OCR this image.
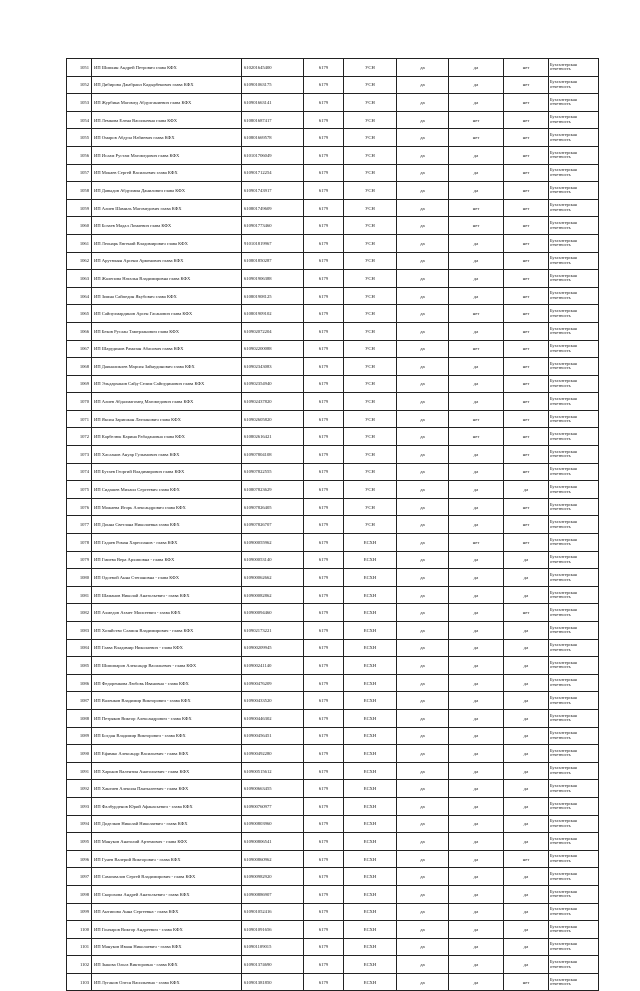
1051	ИП Шипкин Андрей Петрович глава КФХ	610201645400	6179	УСН	да	да	нет	Бухгалтерская отчетность
1052	ИП Дибирова Джабраил Кадырбекович глава КФХ	610901063175	6179	УСН	да	да	нет	Бухгалтерская отчетность
1053	ИП Журбина Магомед Абдулганиевич глава КФХ	610901663141	6179	УСН	да	да	нет	Бухгалтерская отчетность
1054	ИП Лемкова Елена Васильевна глава КФХ	610801687417	6179	УСН	да	нет	нет	Бухгалтерская отчетность
1055	ИП Омаров Абдула Набиевич глава КФХ	610801669578	6179	УСН	да	нет	нет	Бухгалтерская отчетность
1056	ИП Ислам Рустам Магомедович глава КФХ	610101706049	6179	УСН	да	да	нет	Бухгалтерская отчетность
1057	ИП Мокаев Сергей Васильевич глава КФХ	610901712254	6179	УСН	да	да	нет	Бухгалтерская отчетность
1058	ИП Давыдов Абдулмин Данилович глава КФХ	610901743917	6179	УСН	да	да	нет	Бухгалтерская отчетность
1059	ИП Алиев Шамиль Магомедович глава КФХ	610801749609	6179	УСН	да	нет	нет	Бухгалтерская отчетность
1060	ИП Бозаев Мадал Ломаевич глава КФХ	610901773460	6179	УСН	да	нет	нет	Бухгалтерская отчетность
1061	ИП Леонарь Евгений Владимирович глава КФХ	910101819967	6179	УСН	да	да	нет	Бухгалтерская отчетность
1062	ИП Арутюнян Арсени Арменович глава КФХ	610801850287	6179	УСН	да	да	нет	Бухгалтерская отчетность
1063	ИП Жалепова Наталья Владимировна глава КФХ	610901906388	6179	УСН	да	да	нет	Бухгалтерская отчетность
1064	ИП Зимна Сайпедин Якубович глава КФХ	610801908125	6179	УСН	да	да	нет	Бухгалтерская отчетность
1065	ИП Сайпулмардинов Арсен Гасанович глава КФХ	610801909102	6179	УСН	да	нет	нет	Бухгалтерская отчетность
1066	ИП Беков Руслан Тамерланович глава КФХ	610902072204	6179	УСН	да	да	нет	Бухгалтерская отчетность
1067	ИП Шарудинов Рамазан Абасович глава КФХ	610902200088	6179	УСН	да	нет	нет	Бухгалтерская отчетность
1068	ИП Даиналиклев Марсия Зайнудинович глава КФХ	610902343083	6179	УСН	да	да	нет	Бухгалтерская отчетность
1069	ИП Эльдарханов Сайд-Селим Сайпудинович глава КФХ	610902354940	6179	УСН	да	да	нет	Бухгалтерская отчетность
1070	ИП Алиев Абдалмагомед Магомедович глава КФХ	610902437820	6179	УСН	да	да	нет	Бухгалтерская отчетность
1071	ИП Яксин Зарипжан Латпанович глава КФХ	610902605820	6179	УСН	да	нет	нет	Бухгалтерская отчетность
1072	ИП Карбелюк Карина Рабадановна глава КФХ	610802616421	6179	УСН	да	нет	нет	Бухгалтерская отчетность
1073	ИП Хасланов Ануар Гулымович глава КФХ	610907804108	6179	УСН	да	да	нет	Бухгалтерская отчетность
1074	ИП Бутаев Георгий Владимирович глава КФХ	610907822555	6179	УСН	да	да	нет	Бухгалтерская отчетность
1075	ИП Сидашев Михаил Сергеевич глава КФХ	610807823629	6179	УСН	да	да	да	Бухгалтерская отчетность
1076	ИП Можаева Игорь Александрович глава КФХ	610907826405	6179	УСН	да	да	нет	Бухгалтерская отчетность
1077	ИП Донна Светлана Николаевна глава КФХ	610907826707	6179	УСН	да	да	нет	Бухгалтерская отчетность
1078	ИП Гадаев Роман Хареспанов - глава КФХ	610900055962	6179	ЕСХН	да	нет	нет	Бухгалтерская отчетность
1079	ИП Гмиева Вера Архиповна - глава КФХ	610900053140	6179	ЕСХН	да	да	да	Бухгалтерская отчетность
1080	ИП Одоевой Анна Степановна - глава КФХ	610900062662	6179	ЕСХН	да	да	да	Бухгалтерская отчетность
1081	ИП Шаманов Николай Анатольевич - глава КФХ	610900082862	6179	ЕСХН	да	да	да	Бухгалтерская отчетность
1082	ИП Ахмедов Ахмет Моисеевич - глава КФХ	610900094460	6179	ЕСХН	да	да	нет	Бухгалтерская отчетность
1083	ИП Хозяйство Сламон Владимирович - глава КФХ	610902173221	6179	ЕСХН	да	да	да	Бухгалтерская отчетность
1084	ИП Глава Владимир Николаевич - глава КФХ	610900209945	6179	ЕСХН	да	да	да	Бухгалтерская отчетность
1085	ИП Шипипаров Александр Васильевич - глава КФХ	610900241140	6179	ЕСХН	да	да	да	Бухгалтерская отчетность
1086	ИП Федоренкова Любовь Ивановна - глава КФХ	610900476209	6179	ЕСХН	да	да	да	Бухгалтерская отчетность
1087	ИП Валенков Владимир Викторович - глава КФХ	610900433520	6179	ЕСХН	да	да	да	Бухгалтерская отчетность
1088	ИП Петряков Виктор Александрович - глава КФХ	610900446302	6179	ЕСХН	да	да	да	Бухгалтерская отчетность
1089	ИП Богдан Владимир Викторович - глава КФХ	610900456451	6179	ЕСХН	да	да	да	Бухгалтерская отчетность
1090	ИП Ефимко Александр Васильевич - глава КФХ	610900492280	6179	ЕСХН	да	да	да	Бухгалтерская отчетность
1091	ИП Харьков Валентин Анатольевич - глава КФХ	610900515612	6179	ЕСХН	да	да	да	Бухгалтерская отчетность
1092	ИП Хангиев Алексин Пантылеевич - глава КФХ	610900663455	6179	ЕСХН	да	да	да	Бухгалтерская отчетность
1093	ИП Фалбурденов Юрий Афанасьевич - глава КФХ	610900760977	6179	ЕСХН	да	да	да	Бухгалтерская отчетность
1094	ИП Доделков Николай Николаевич - глава КФХ	610900803960	6179	ЕСХН	да	да	да	Бухгалтерская отчетность
1095	ИП Мануков Анатолий Артемович - глава КФХ	610900806541	6179	ЕСХН	да	да	да	Бухгалтерская отчетность
1096	ИП Гунев Валерий Викторович - глава КФХ	610900860962	6179	ЕСХН	да	да	нет	Бухгалтерская отчетность
1097	ИП Самохвалов Сергей Владимирович - глава КФХ	610900982920	6179	ЕСХН	да	да	да	Бухгалтерская отчетность
1098	ИП Скорохова Андрей Анатольевич - глава КФХ	610900886907	6179	ЕСХН	да	да	да	Бухгалтерская отчетность
1099	ИП Антипова Анна Сергеевна - глава КФХ	610901052416	6179	ЕСХН	да	да	да	Бухгалтерская отчетность
1100	ИП Гончаров Виктор Андреевич - глава КФХ	610901091656	6179	ЕСХН	да	да	да	Бухгалтерская отчетность
1101	ИП Мануков Иваан Николаевич - глава КФХ	610901109015	6179	ЕСХН	да	да	да	Бухгалтерская отчетность
1102	ИП Зыкова Ольга Викторовна - глава КФХ	610901374690	6179	ЕСХН	да	да	да	Бухгалтерская отчетность
1103	ИП Луганов Олеся Васильевна - глава КФХ	610901381850	6179	ЕСХН	да	да	нет	Бухгалтерская отчетность
